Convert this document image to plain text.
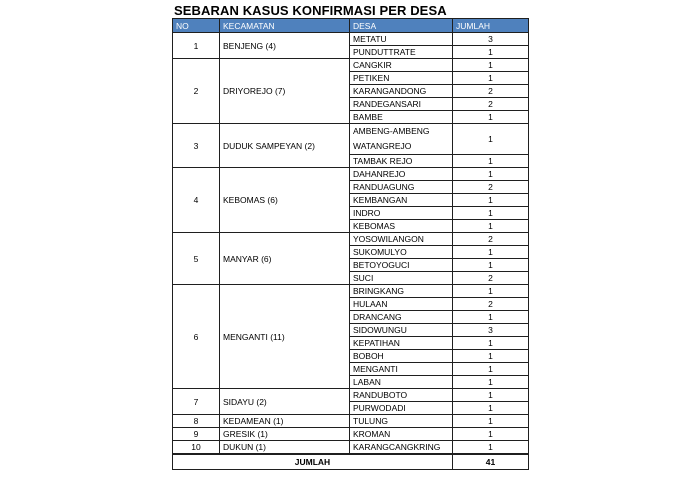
SEBARAN KASUS KONFIRMASI PER DESA
NO	KECAMATAN	DESA	JUMLAH
1	BENJENG (4)	METATU	3
		PUNDUTTRATE	1
2	DRIYOREJO (7)	CANGKIR	1
		PETIKEN	1
		KARANGANDONG	2
		RANDEGANSARI	2
		BAMBE	1
3	DUDUK SAMPEYAN (2)	AMBENG-AMBENG WATANGREJO	1
		TAMBAK REJO	1
4	KEBOMAS (6)	DAHANREJO	1
		RANDUAGUNG	2
		KEMBANGAN	1
		INDRO	1
		KEBOMAS	1
5	MANYAR (6)	YOSOWILANGON	2
		SUKOMULYO	1
		BETOYOGUCI	1
		SUCI	2
6	MENGANTI (11)	BRINGKANG	1
		HULAAN	2
		DRANCANG	1
		SIDOWUNGU	3
		KEPATIHAN	1
		BOBOH	1
		MENGANTI	1
		LABAN	1
7	SIDAYU (2)	RANDUBOTO	1
		PURWODADI	1
8	KEDAMEAN (1)	TULUNG	1
9	GRESIK (1)	KROMAN	1
10	DUKUN (1)	KARANGCANGKRING	1
JUMLAH			41
